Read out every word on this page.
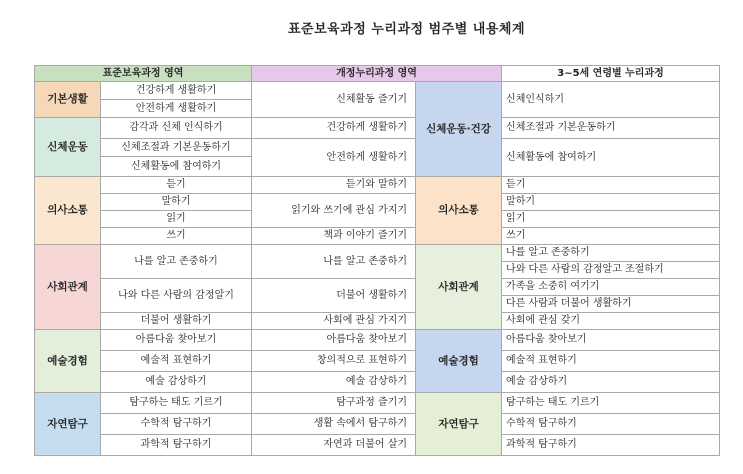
표준보육과정 누리과정 범주별 내용체계
표준보육과정 영역		개정누리과정 영역		3~5세 연령별 누리과정
기본생활	건강하게 생활하기	신체활동 즐기기	신체운동·건강	신체인식하기
	안전하게 생활하기			
신체운동	감각과 신체 인식하기	건강하게 생활하기		신체조절과 기본운동하기
	신체조절과 기본운동하기	안전하게 생활하기		신체활동에 참여하기
	신체활동에 참여하기			
의사소통	듣기	듣기와 말하기	의사소통	듣기
	말하기	읽기와 쓰기에 관심 가지기		말하기
	읽기			읽기
	쓰기	책과 이야기 즐기기		쓰기
사회관계	나를 알고 존중하기	나를 알고 존중하기	사회관계	나를 알고 존중하기
				나와 다른 사람의 감정알고 조절하기
	나와 다른 사람의 감정알기	더불어 생활하기		가족을 소중히 여기기
				다른 사람과 더불어 생활하기
	더불어 생활하기	사회에 관심 가지기		사회에 관심 갖기
예술경험	아름다움 찾아보기	아름다움 찾아보기	예술경험	아름다움 찾아보기
	예술적 표현하기	창의적으로 표현하기		예술적 표현하기
	예술 감상하기	예술 감상하기		예술 감상하기
자연탐구	탐구하는 태도 기르기	탐구과정 즐기기	자연탐구	탐구하는 태도 기르기
	수학적 탐구하기	생활 속에서 탐구하기		수학적 탐구하기
	과학적 탐구하기	자연과 더불어 살기		과학적 탐구하기
